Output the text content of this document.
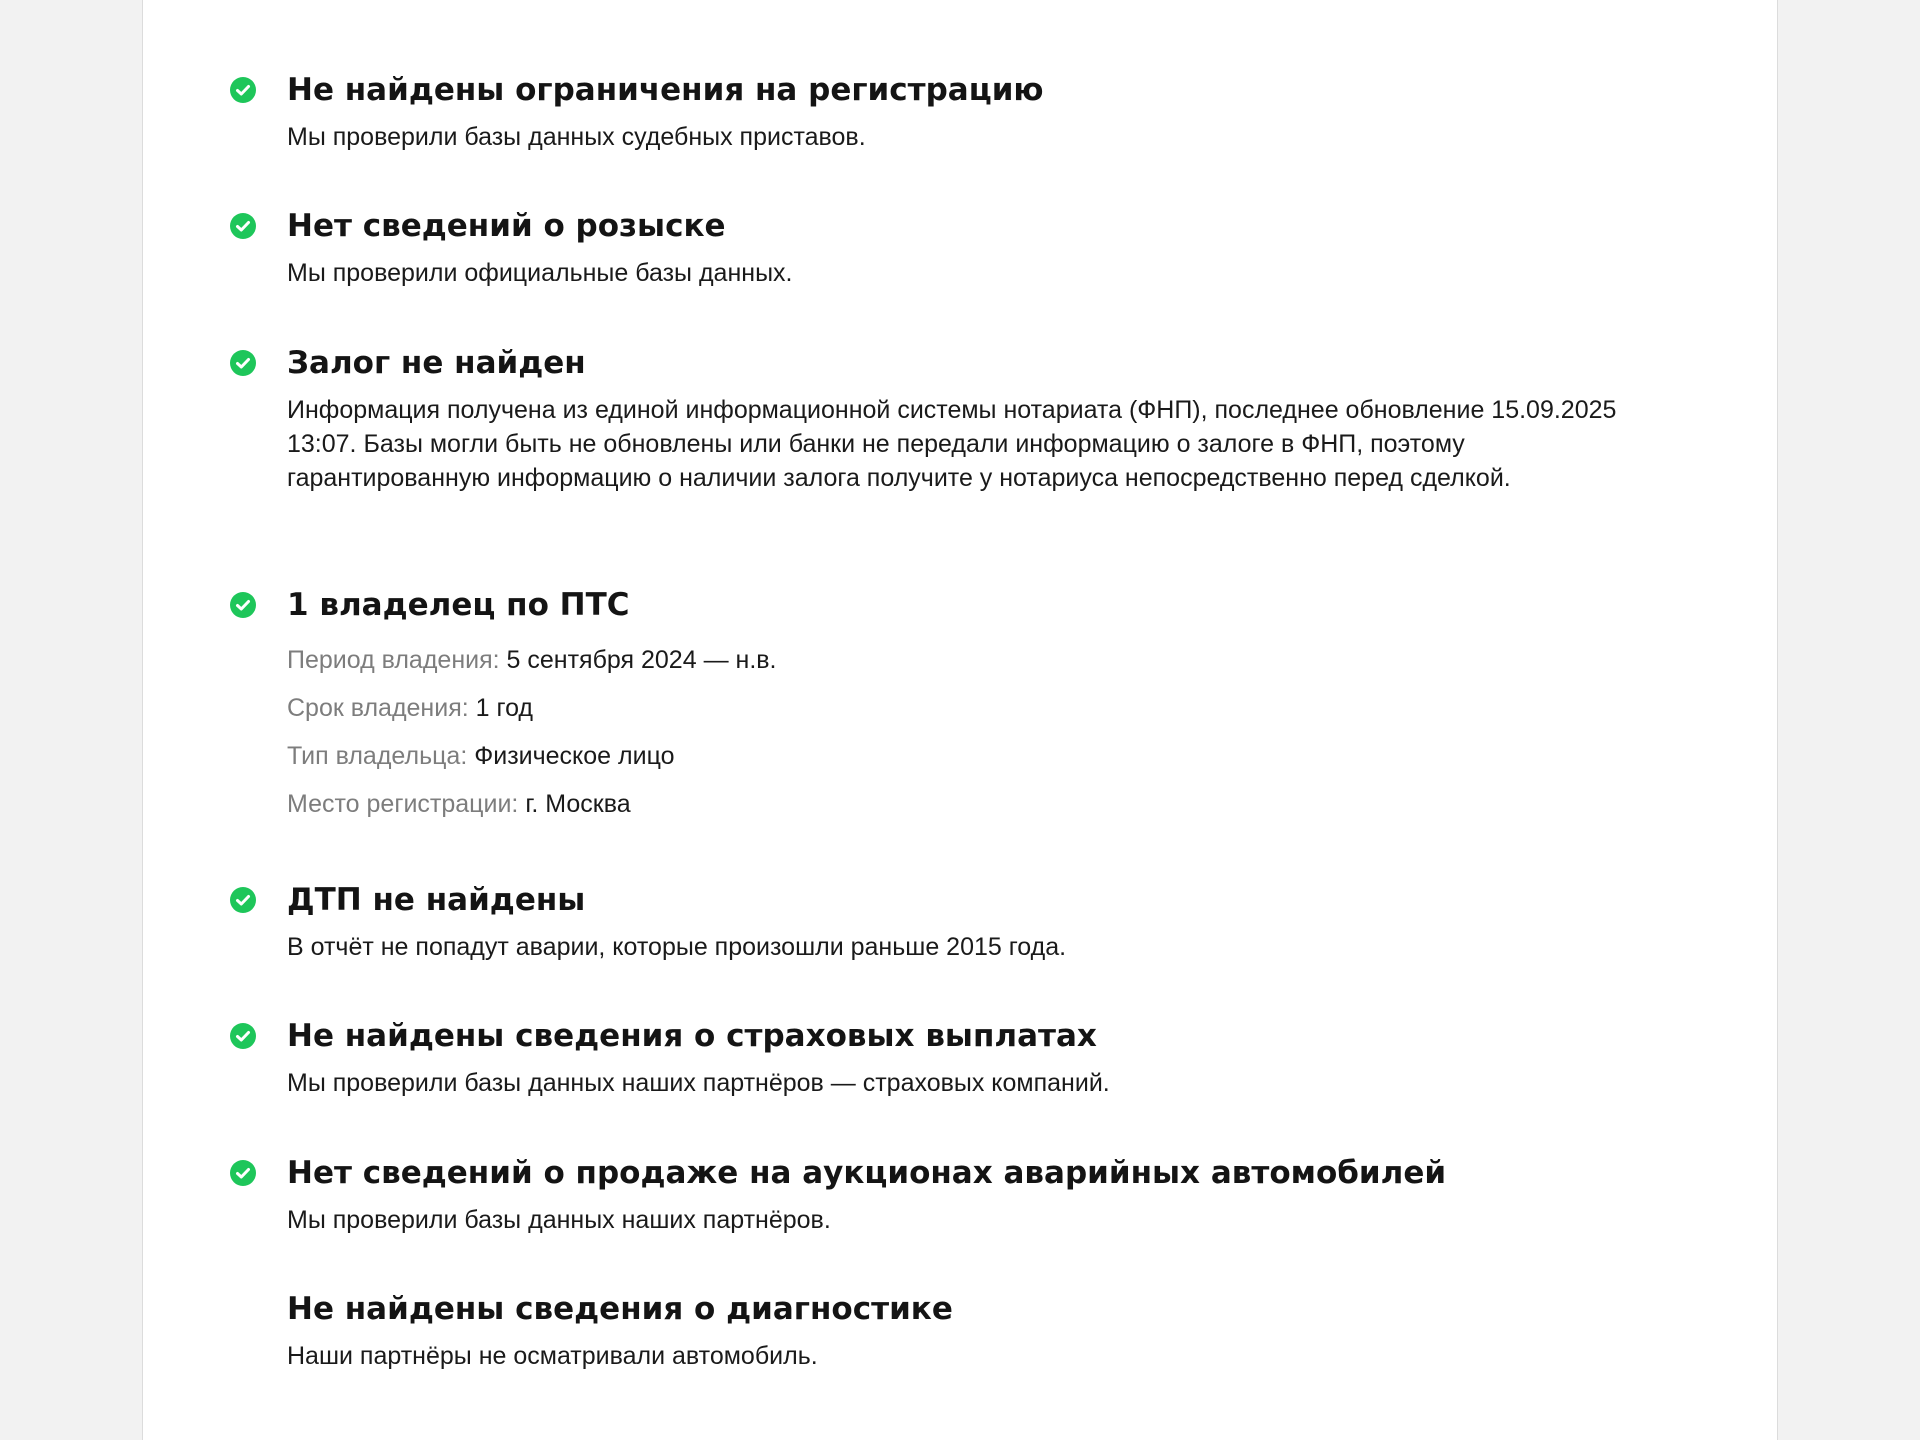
Не найдены ограничения на регистрацию
Мы проверили базы данных судебных приставов.
Нет сведений о розыске
Мы проверили официальные базы данных.
Залог не найден
Информация получена из единой информационной системы нотариата (ФНП), последнее обновление 15.09.2025 13:07. Базы могли быть не обновлены или банки не передали информацию о залоге в ФНП, поэтому гарантированную информацию о наличии залога получите у нотариуса непосредственно перед сделкой.
1 владелец по ПТС
Период владения: 5 сентября 2024 — н.в.
Срок владения: 1 год
Тип владельца: Физическое лицо
Место регистрации: г. Москва
ДТП не найдены
В отчёт не попадут аварии, которые произошли раньше 2015 года.
Не найдены сведения о страховых выплатах
Мы проверили базы данных наших партнёров — страховых компаний.
Нет сведений о продаже на аукционах аварийных автомобилей
Мы проверили базы данных наших партнёров.
Не найдены сведения о диагностике
Наши партнёры не осматривали автомобиль.
